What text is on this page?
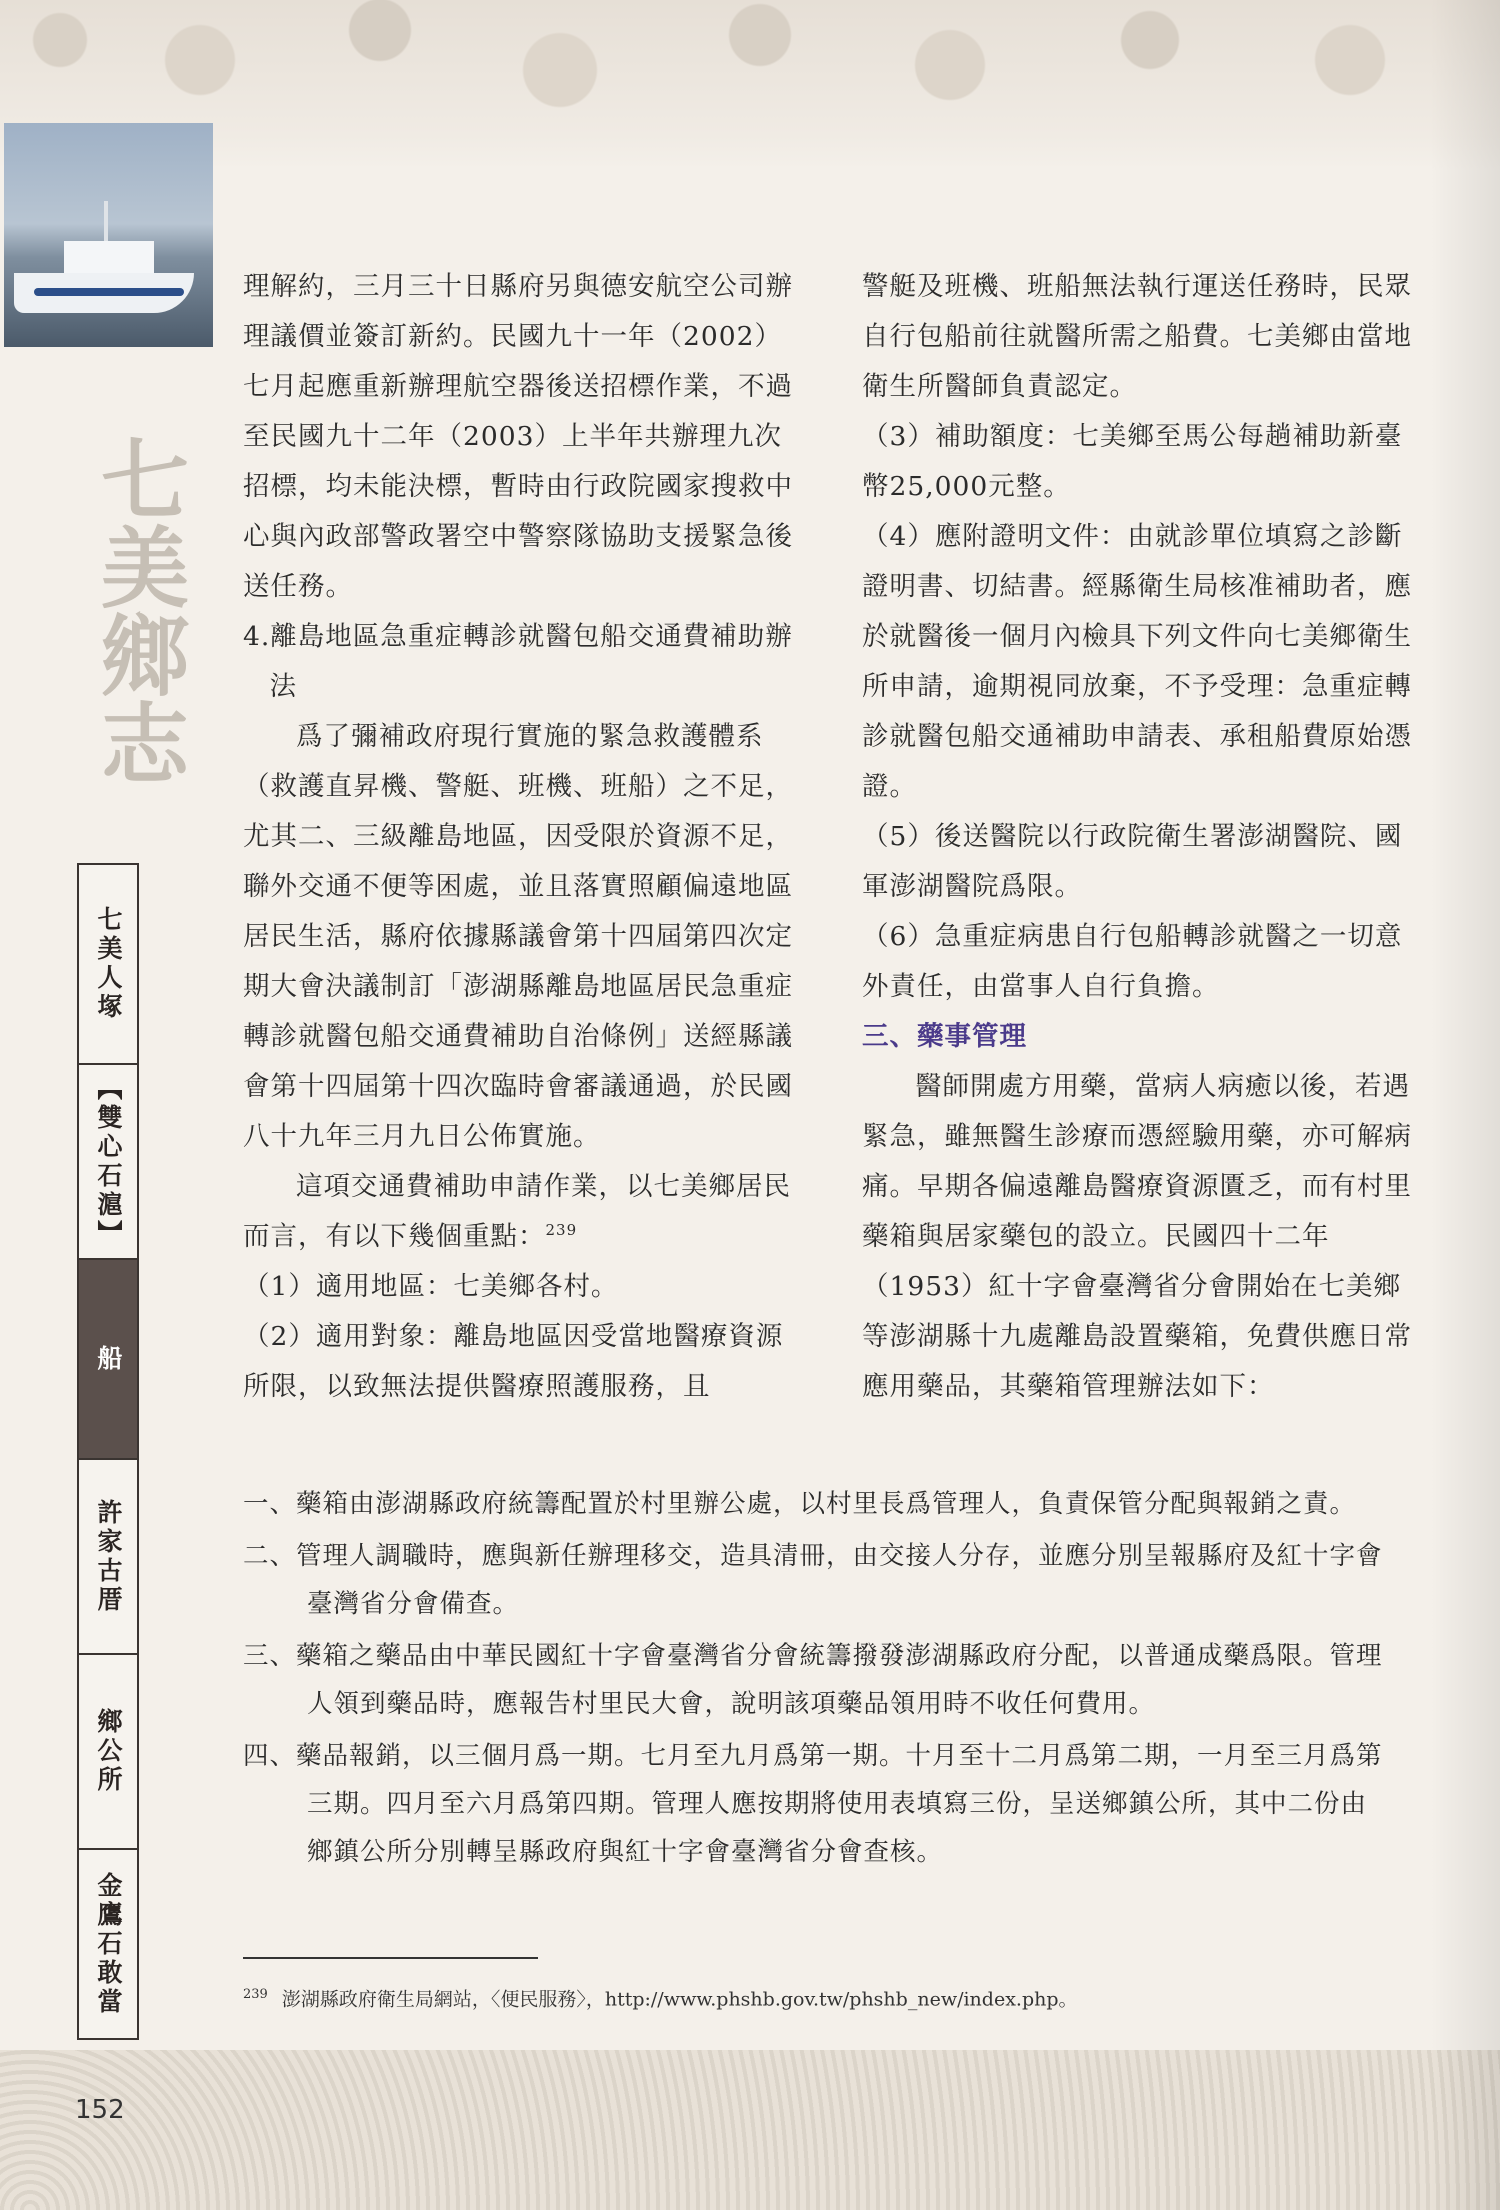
七美鄉志
七美人塚
【雙心石滬】
船
許家古厝
鄉公所
金鷹石敢當

理解約，三月三十日縣府另與德安航空公司辦理議價並簽訂新約。民國九十一年（2002）七月起應重新辦理航空器後送招標作業，不過至民國九十二年（2003）上半年共辦理九次招標，均未能決標，暫時由行政院國家搜救中心與內政部警政署空中警察隊協助支援緊急後送任務。

4.離島地區急重症轉診就醫包船交通費補助辦法

爲了彌補政府現行實施的緊急救護體系（救護直昇機、警艇、班機、班船）之不足，尤其二、三級離島地區，因受限於資源不足，聯外交通不便等困處，並且落實照顧偏遠地區居民生活，縣府依據縣議會第十四屆第四次定期大會決議制訂「澎湖縣離島地區居民急重症轉診就醫包船交通費補助自治條例」送經縣議會第十四屆第十四次臨時會審議通過，於民國八十九年三月九日公佈實施。

這項交通費補助申請作業，以七美鄉居民而言，有以下幾個重點：$^{239}$

（1）適用地區：七美鄉各村。

（2）適用對象：離島地區因受當地醫療資源所限，以致無法提供醫療照護服務，且

警艇及班機、班船無法執行運送任務時，民眾自行包船前往就醫所需之船費。七美鄉由當地衛生所醫師負責認定。

（3）補助額度：七美鄉至馬公每趟補助新臺幣25,000元整。

（4）應附證明文件：由就診單位填寫之診斷證明書、切結書。經縣衛生局核准補助者，應於就醫後一個月內檢具下列文件向七美鄉衛生所申請，逾期視同放棄，不予受理：急重症轉診就醫包船交通補助申請表、承租船費原始憑證。

（5）後送醫院以行政院衛生署澎湖醫院、國軍澎湖醫院爲限。

（6）急重症病患自行包船轉診就醫之一切意外責任，由當事人自行負擔。

三、藥事管理

醫師開處方用藥，當病人病癒以後，若遇緊急，雖無醫生診療而憑經驗用藥，亦可解病痛。早期各偏遠離島醫療資源匱乏，而有村里藥箱與居家藥包的設立。民國四十二年（1953）紅十字會臺灣省分會開始在七美鄉等澎湖縣十九處離島設置藥箱，免費供應日常應用藥品，其藥箱管理辦法如下：

一、藥箱由澎湖縣政府統籌配置於村里辦公處，以村里長爲管理人，負責保管分配與報銷之責。

二、管理人調職時，應與新任辦理移交，造具清冊，由交接人分存，並應分別呈報縣府及紅十字會臺灣省分會備查。

三、藥箱之藥品由中華民國紅十字會臺灣省分會統籌撥發澎湖縣政府分配，以普通成藥爲限。管理人領到藥品時，應報告村里民大會，說明該項藥品領用時不收任何費用。

四、藥品報銷，以三個月爲一期。七月至九月爲第一期。十月至十二月爲第二期，一月至三月爲第三期。四月至六月爲第四期。管理人應按期將使用表填寫三份，呈送鄉鎮公所，其中二份由鄉鎮公所分別轉呈縣政府與紅十字會臺灣省分會查核。

$^{239}$ 澎湖縣政府衛生局網站，〈便民服務〉，http://www.phshb.gov.tw/phshb_new/index.php。
152
